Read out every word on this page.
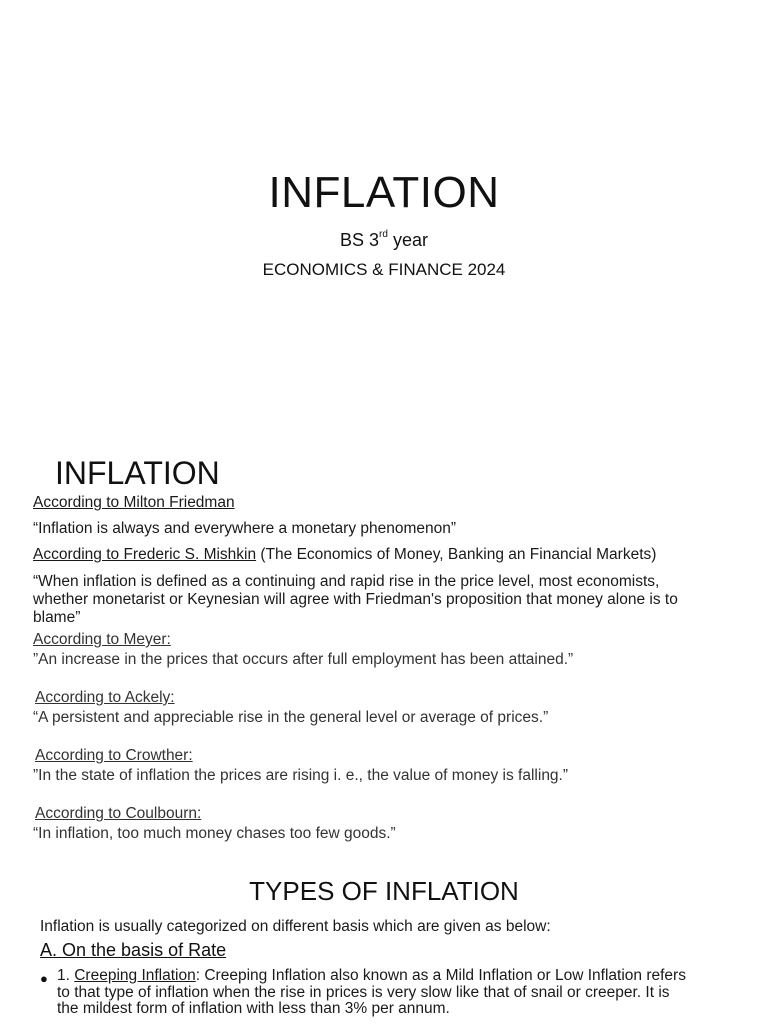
INFLATION
BS 3rd year
ECONOMICS & FINANCE 2024
INFLATION
According to Milton Friedman
“Inflation is always and everywhere a monetary phenomenon”
According to Frederic S. Mishkin (The Economics of Money, Banking an Financial Markets)
“When inflation is defined as a continuing and rapid rise in the price level, most economists,
whether monetarist or Keynesian will agree with Friedman's proposition that money alone is to
blame”
According to Meyer:
”An increase in the prices that occurs after full employment has been attained.”
According to Ackely:
“A persistent and appreciable rise in the general level or average of prices.”
According to Crowther:
”In the state of inflation the prices are rising i. e., the value of money is falling.”
According to Coulbourn:
“In inflation, too much money chases too few goods.”
TYPES OF INFLATION
Inflation is usually categorized on different basis which are given as below:
A. On the basis of Rate
● 1. Creeping Inflation: Creeping Inflation also known as a Mild Inflation or Low Inflation refers
to that type of inflation when the rise in prices is very slow like that of snail or creeper. It is
the mildest form of inflation with less than 3% per annum.
